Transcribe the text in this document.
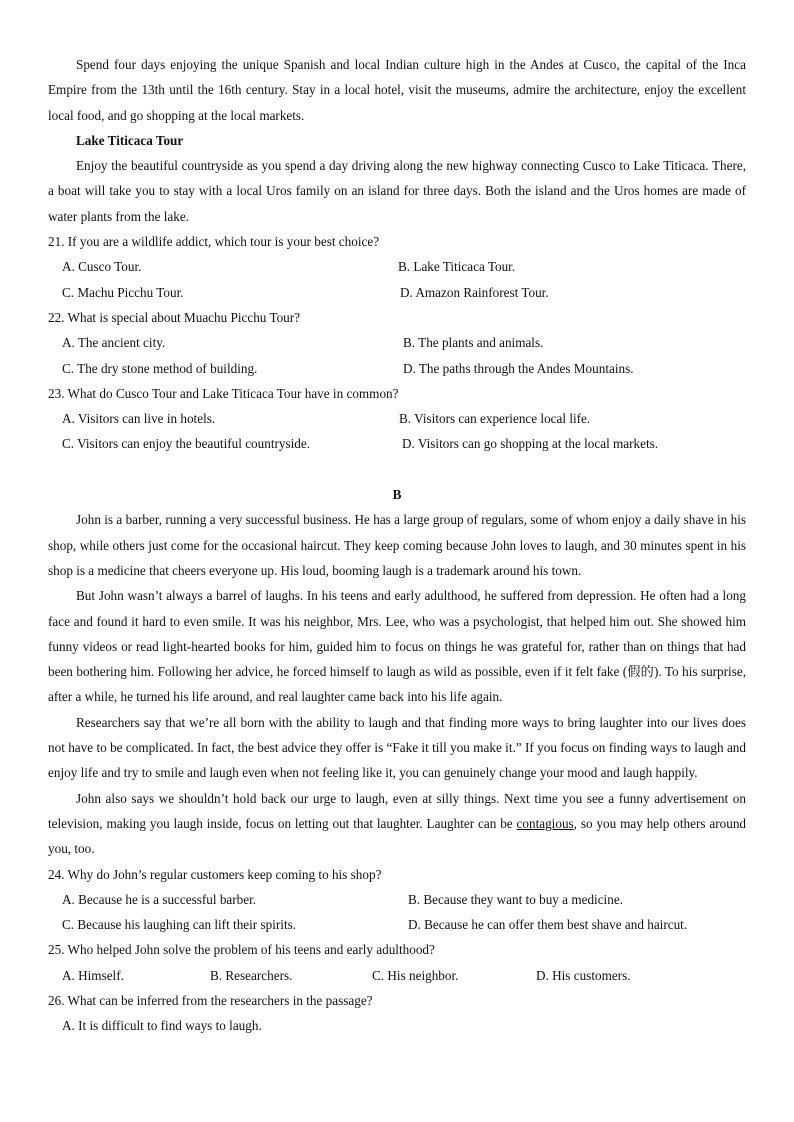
Spend four days enjoying the unique Spanish and local Indian culture high in the Andes at Cusco, the capital of the Inca Empire from the 13th until the 16th century. Stay in a local hotel, visit the museums, admire the architecture, enjoy the excellent local food, and go shopping at the local markets.

Lake Titicaca Tour

Enjoy the beautiful countryside as you spend a day driving along the new highway connecting Cusco to Lake Titicaca. There, a boat will take you to stay with a local Uros family on an island for three days. Both the island and the Uros homes are made of water plants from the lake.

21. If you are a wildlife addict, which tour is your best choice?

A. Cusco Tour.	B. Lake Titicaca Tour.
C. Machu Picchu Tour.	D. Amazon Rainforest Tour.

22. What is special about Muachu Picchu Tour?

A. The ancient city.	B. The plants and animals.
C. The dry stone method of building.	D. The paths through the Andes Mountains.

23. What do Cusco Tour and Lake Titicaca Tour have in common?

A. Visitors can live in hotels.	B. Visitors can experience local life.
C. Visitors can enjoy the beautiful countryside.	D. Visitors can go shopping at the local markets.

B

John is a barber, running a very successful business. He has a large group of regulars, some of whom enjoy a daily shave in his shop, while others just come for the occasional haircut. They keep coming because John loves to laugh, and 30 minutes spent in his shop is a medicine that cheers everyone up. His loud, booming laugh is a trademark around his town.

But John wasn’t always a barrel of laughs. In his teens and early adulthood, he suffered from depression. He often had a long face and found it hard to even smile. It was his neighbor, Mrs. Lee, who was a psychologist, that helped him out. She showed him funny videos or read light-hearted books for him, guided him to focus on things he was grateful for, rather than on things that had been bothering him. Following her advice, he forced himself to laugh as wild as possible, even if it felt fake (假的). To his surprise, after a while, he turned his life around, and real laughter came back into his life again.

Researchers say that we’re all born with the ability to laugh and that finding more ways to bring laughter into our lives does not have to be complicated. In fact, the best advice they offer is “Fake it till you make it.” If you focus on finding ways to laugh and enjoy life and try to smile and laugh even when not feeling like it, you can genuinely change your mood and laugh happily.

John also says we shouldn’t hold back our urge to laugh, even at silly things. Next time you see a funny advertisement on television, making you laugh inside, focus on letting out that laughter. Laughter can be contagious, so you may help others around you, too.

24. Why do John’s regular customers keep coming to his shop?

A. Because he is a successful barber.	B. Because they want to buy a medicine.
C. Because his laughing can lift their spirits.	D. Because he can offer them best shave and haircut.

25. Who helped John solve the problem of his teens and early adulthood?

A. Himself.	B. Researchers.	C. His neighbor.	D. His customers.

26. What can be inferred from the researchers in the passage?

A. It is difficult to find ways to laugh.
